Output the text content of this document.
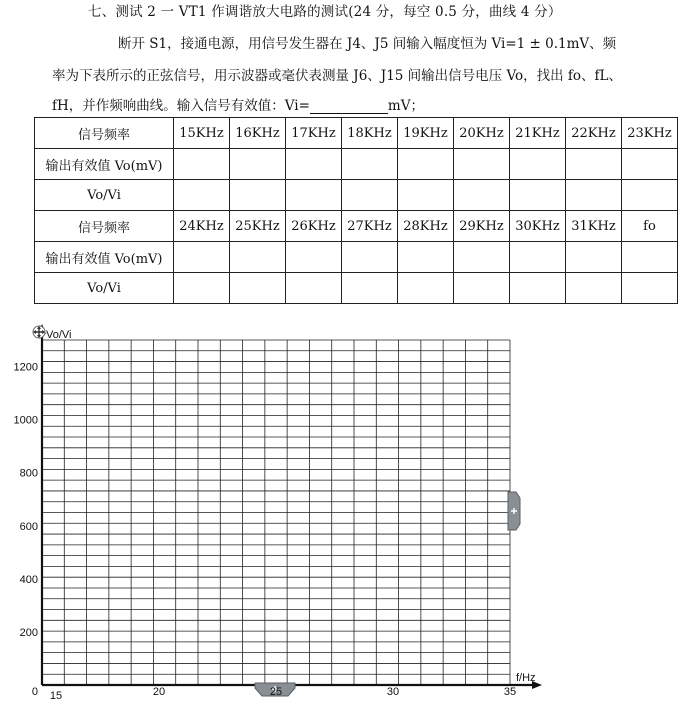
七、测试 2 一 VT1 作调谐放大电路的测试(24 分，每空 0.5 分，曲线 4 分）
断开 S1，接通电源，用信号发生器在 J4、J5 间输入幅度恒为 Vi=1 ± 0.1mV、频
率为下表所示的正弦信号，用示波器或毫伏表测量 J6、J15 间输出信号电压 Vo，找出 fo、fL、
fH，并作频响曲线。输入信号有效值：Vi=	mV；
信号频率	15KHz	16KHz	17KHz	18KHz	19KHz	20KHz	21KHz	22KHz	23KHz
输出有效值 Vo(mV)									
Vo/Vi									
信号频率	24KHz	25KHz	26KHz	27KHz	28KHz	29KHz	30KHz	31KHz	fo
输出有效值 Vo(mV)									
Vo/Vi									
200
400
600
800
1000
1200
15	20	25	30	35
0
Vo/Vi
f/Hz
